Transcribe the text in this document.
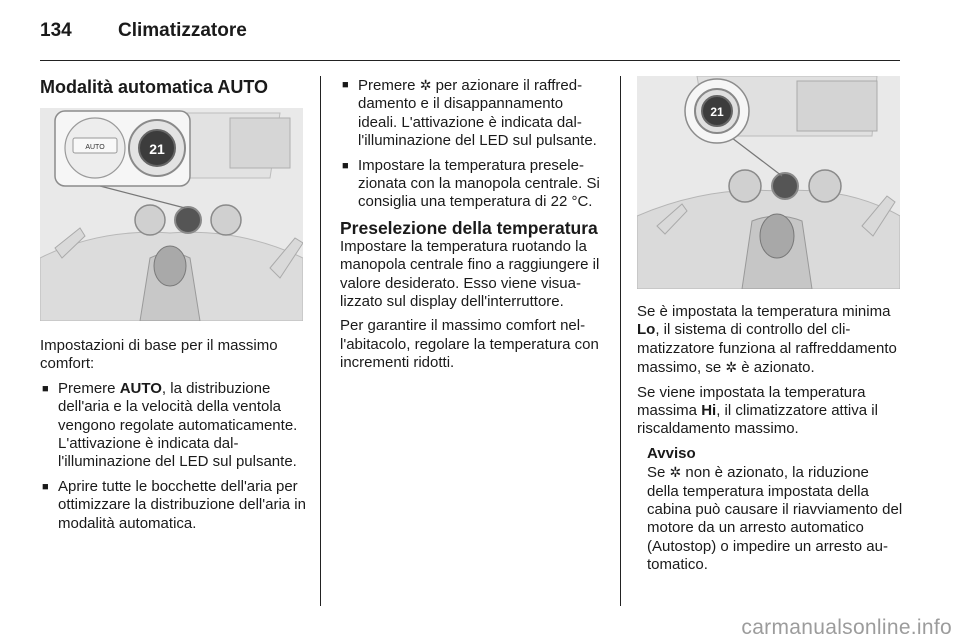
134	Climatizzatore
Modalità automatica AUTO
21
AUTO

Impostazioni di base per il massimo comfort:

■ Premere AUTO, la distribuzione dell'aria e la velocità della ventola vengono regolate automaticamente. L'attivazione è indicata dall'illuminazione del LED sul pulsante.
■ Aprire tutte le bocchette dell'aria per ottimizzare la distribuzione dell'aria in modalità automatica.
■ Premere ✲ per azionare il raffreddamento e il disappannamento ideali. L'attivazione è indicata dall'illuminazione del LED sul pulsante.
■ Impostare la temperatura preselezionata con la manopola centrale. Si consiglia una temperatura di 22 °C.
Preselezione della temperatura

Impostare la temperatura ruotando la manopola centrale fino a raggiungere il valore desiderato. Esso viene visualizzato sul display dell'interruttore.

Per garantire il massimo comfort nell'abitacolo, regolare la temperatura con incrementi ridotti.

21

Se è impostata la temperatura minima Lo, il sistema di controllo del climatizzatore funziona al raffreddamento massimo, se ✲ è azionato.

Se viene impostata la temperatura massima Hi, il climatizzatore attiva il riscaldamento massimo.

Avviso
Se ✲ non è azionato, la riduzione della temperatura impostata della cabina può causare il riavviamento del motore da un arresto automatico (Autostop) o impedire un arresto automatico.
carmanualsonline.info
